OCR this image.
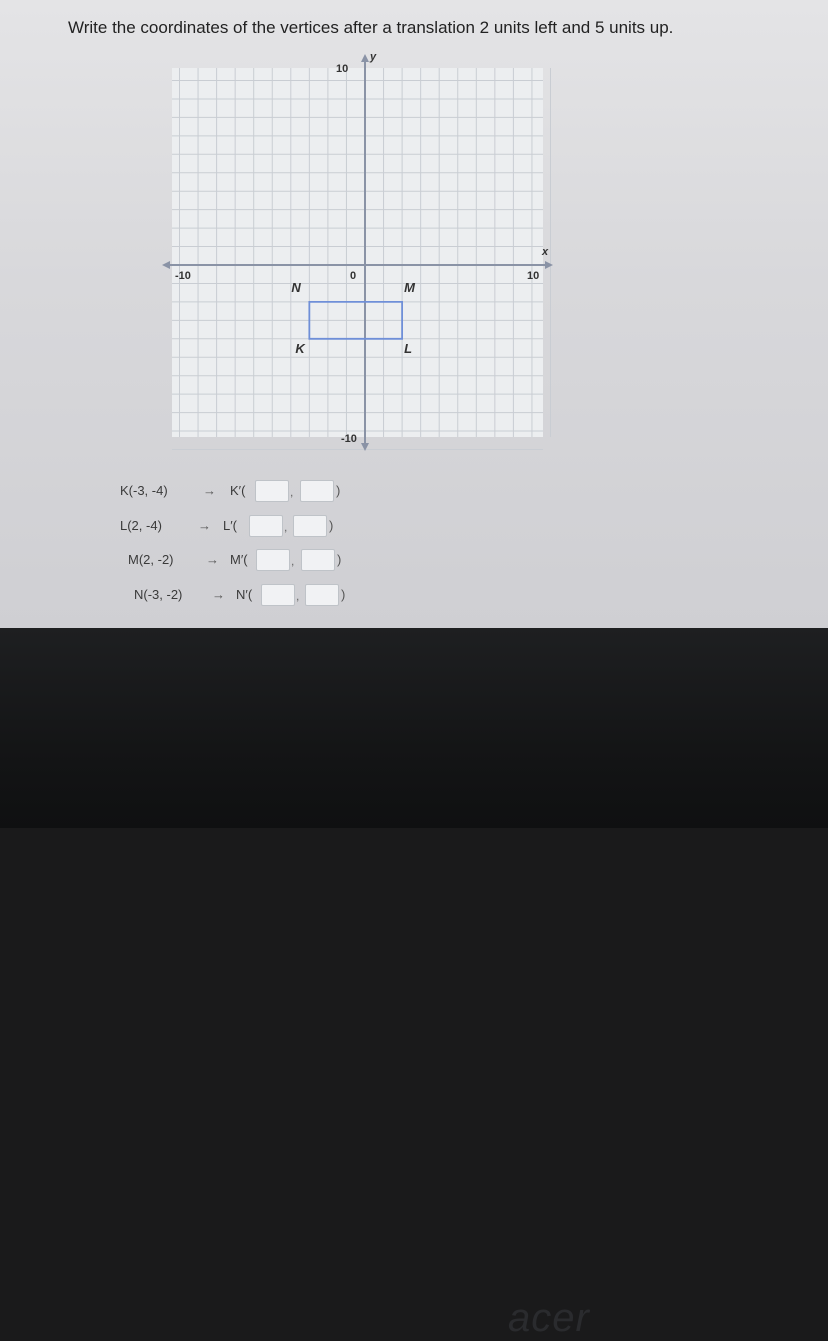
Write the coordinates of the vertices after a translation 2 units left and 5 units up.

x
y
-10	10
10
-10
0
K	L
M
N
K(-3, -4)	→ K′(	,	)
L(2, -4)	→ L′(	,	)
M(2, -2)	→ M′(	,	)
N(-3, -2) → N′(	,	)
acer
